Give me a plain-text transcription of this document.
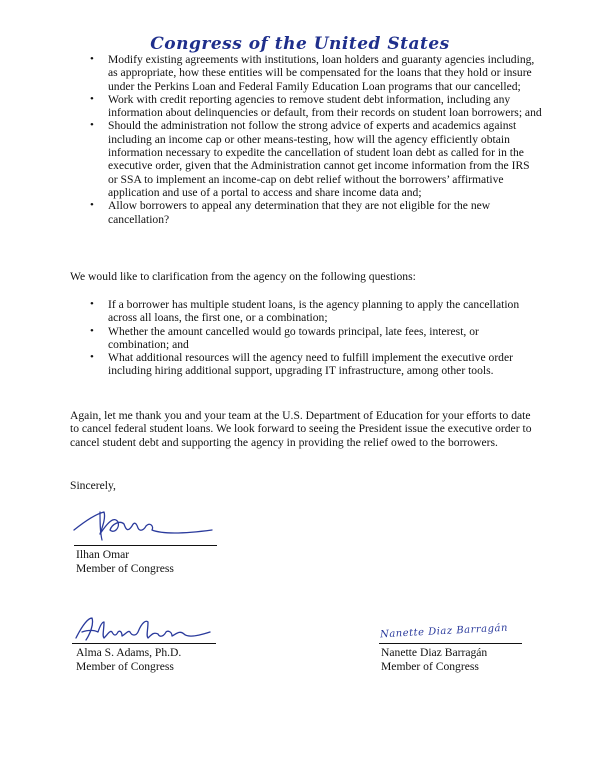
Congress of the United States
• Modify existing agreements with institutions, loan holders and guaranty agencies including, as appropriate, how these entities will be compensated for the loans that they hold or insure under the Perkins Loan and Federal Family Education Loan programs that our cancelled;
• Work with credit reporting agencies to remove student debt information, including any information about delinquencies or default, from their records on student loan borrowers; and
• Should the administration not follow the strong advice of experts and academics against including an income cap or other means-testing, how will the agency efficiently obtain information necessary to expedite the cancellation of student loan debt as called for in the executive order, given that the Administration cannot get income information from the IRS or SSA to implement an income-cap on debt relief without the borrowers’ affirmative application and use of a portal to access and share income data and;
• Allow borrowers to appeal any determination that they are not eligible for the new cancellation?

We would like to clarification from the agency on the following questions:

• If a borrower has multiple student loans, is the agency planning to apply the cancellation across all loans, the first one, or a combination;
• Whether the amount cancelled would go towards principal, late fees, interest, or combination; and
• What additional resources will the agency need to fulfill implement the executive order including hiring additional support, upgrading IT infrastructure, among other tools.

Again, let me thank you and your team at the U.S. Department of Education for your efforts to date to cancel federal student loans. We look forward to seeing the President issue the executive order to cancel student debt and supporting the agency in providing the relief owed to the borrowers.

Sincerely,

Ilhan Omar
Member of Congress
Alma S. Adams, Ph.D.
Member of Congress
Nanette Diaz Barragán
Nanette Diaz Barragán
Member of Congress
